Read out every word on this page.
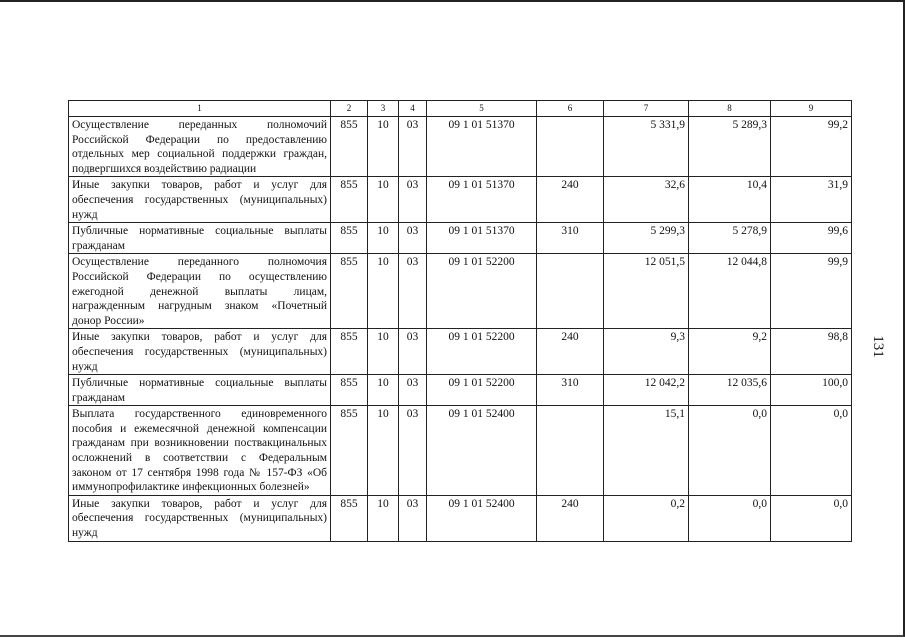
1	2	3	4	5	6	7	8	9
Осуществление переданных полномочий Российской Федерации по предоставлению отдельных мер социальной поддержки граждан, подвергшихся воздействию радиации	855	10	03	09 1 01 51370		5 331,9	5 289,3	99,2
Иные закупки товаров, работ и услуг для обеспечения государственных (муниципальных) нужд	855	10	03	09 1 01 51370	240	32,6	10,4	31,9
Публичные нормативные социальные выплаты гражданам	855	10	03	09 1 01 51370	310	5 299,3	5 278,9	99,6
Осуществление переданного полномочия Российской Федерации по осуществлению ежегодной денежной выплаты лицам, награжденным нагрудным знаком «Почетный донор России»	855	10	03	09 1 01 52200		12 051,5	12 044,8	99,9
Иные закупки товаров, работ и услуг для обеспечения государственных (муниципальных) нужд	855	10	03	09 1 01 52200	240	9,3	9,2	98,8
Публичные нормативные социальные выплаты гражданам	855	10	03	09 1 01 52200	310	12 042,2	12 035,6	100,0
Выплата государственного единовременного пособия и ежемесячной денежной компенсации гражданам при возникновении поствакцинальных осложнений в соответствии с Федеральным законом от 17 сентября 1998 года № 157-ФЗ «Об иммунопрофилактике инфекционных болезней»	855	10	03	09 1 01 52400		15,1	0,0	0,0
Иные закупки товаров, работ и услуг для обеспечения государственных (муниципальных) нужд	855	10	03	09 1 01 52400	240	0,2	0,0	0,0
131
